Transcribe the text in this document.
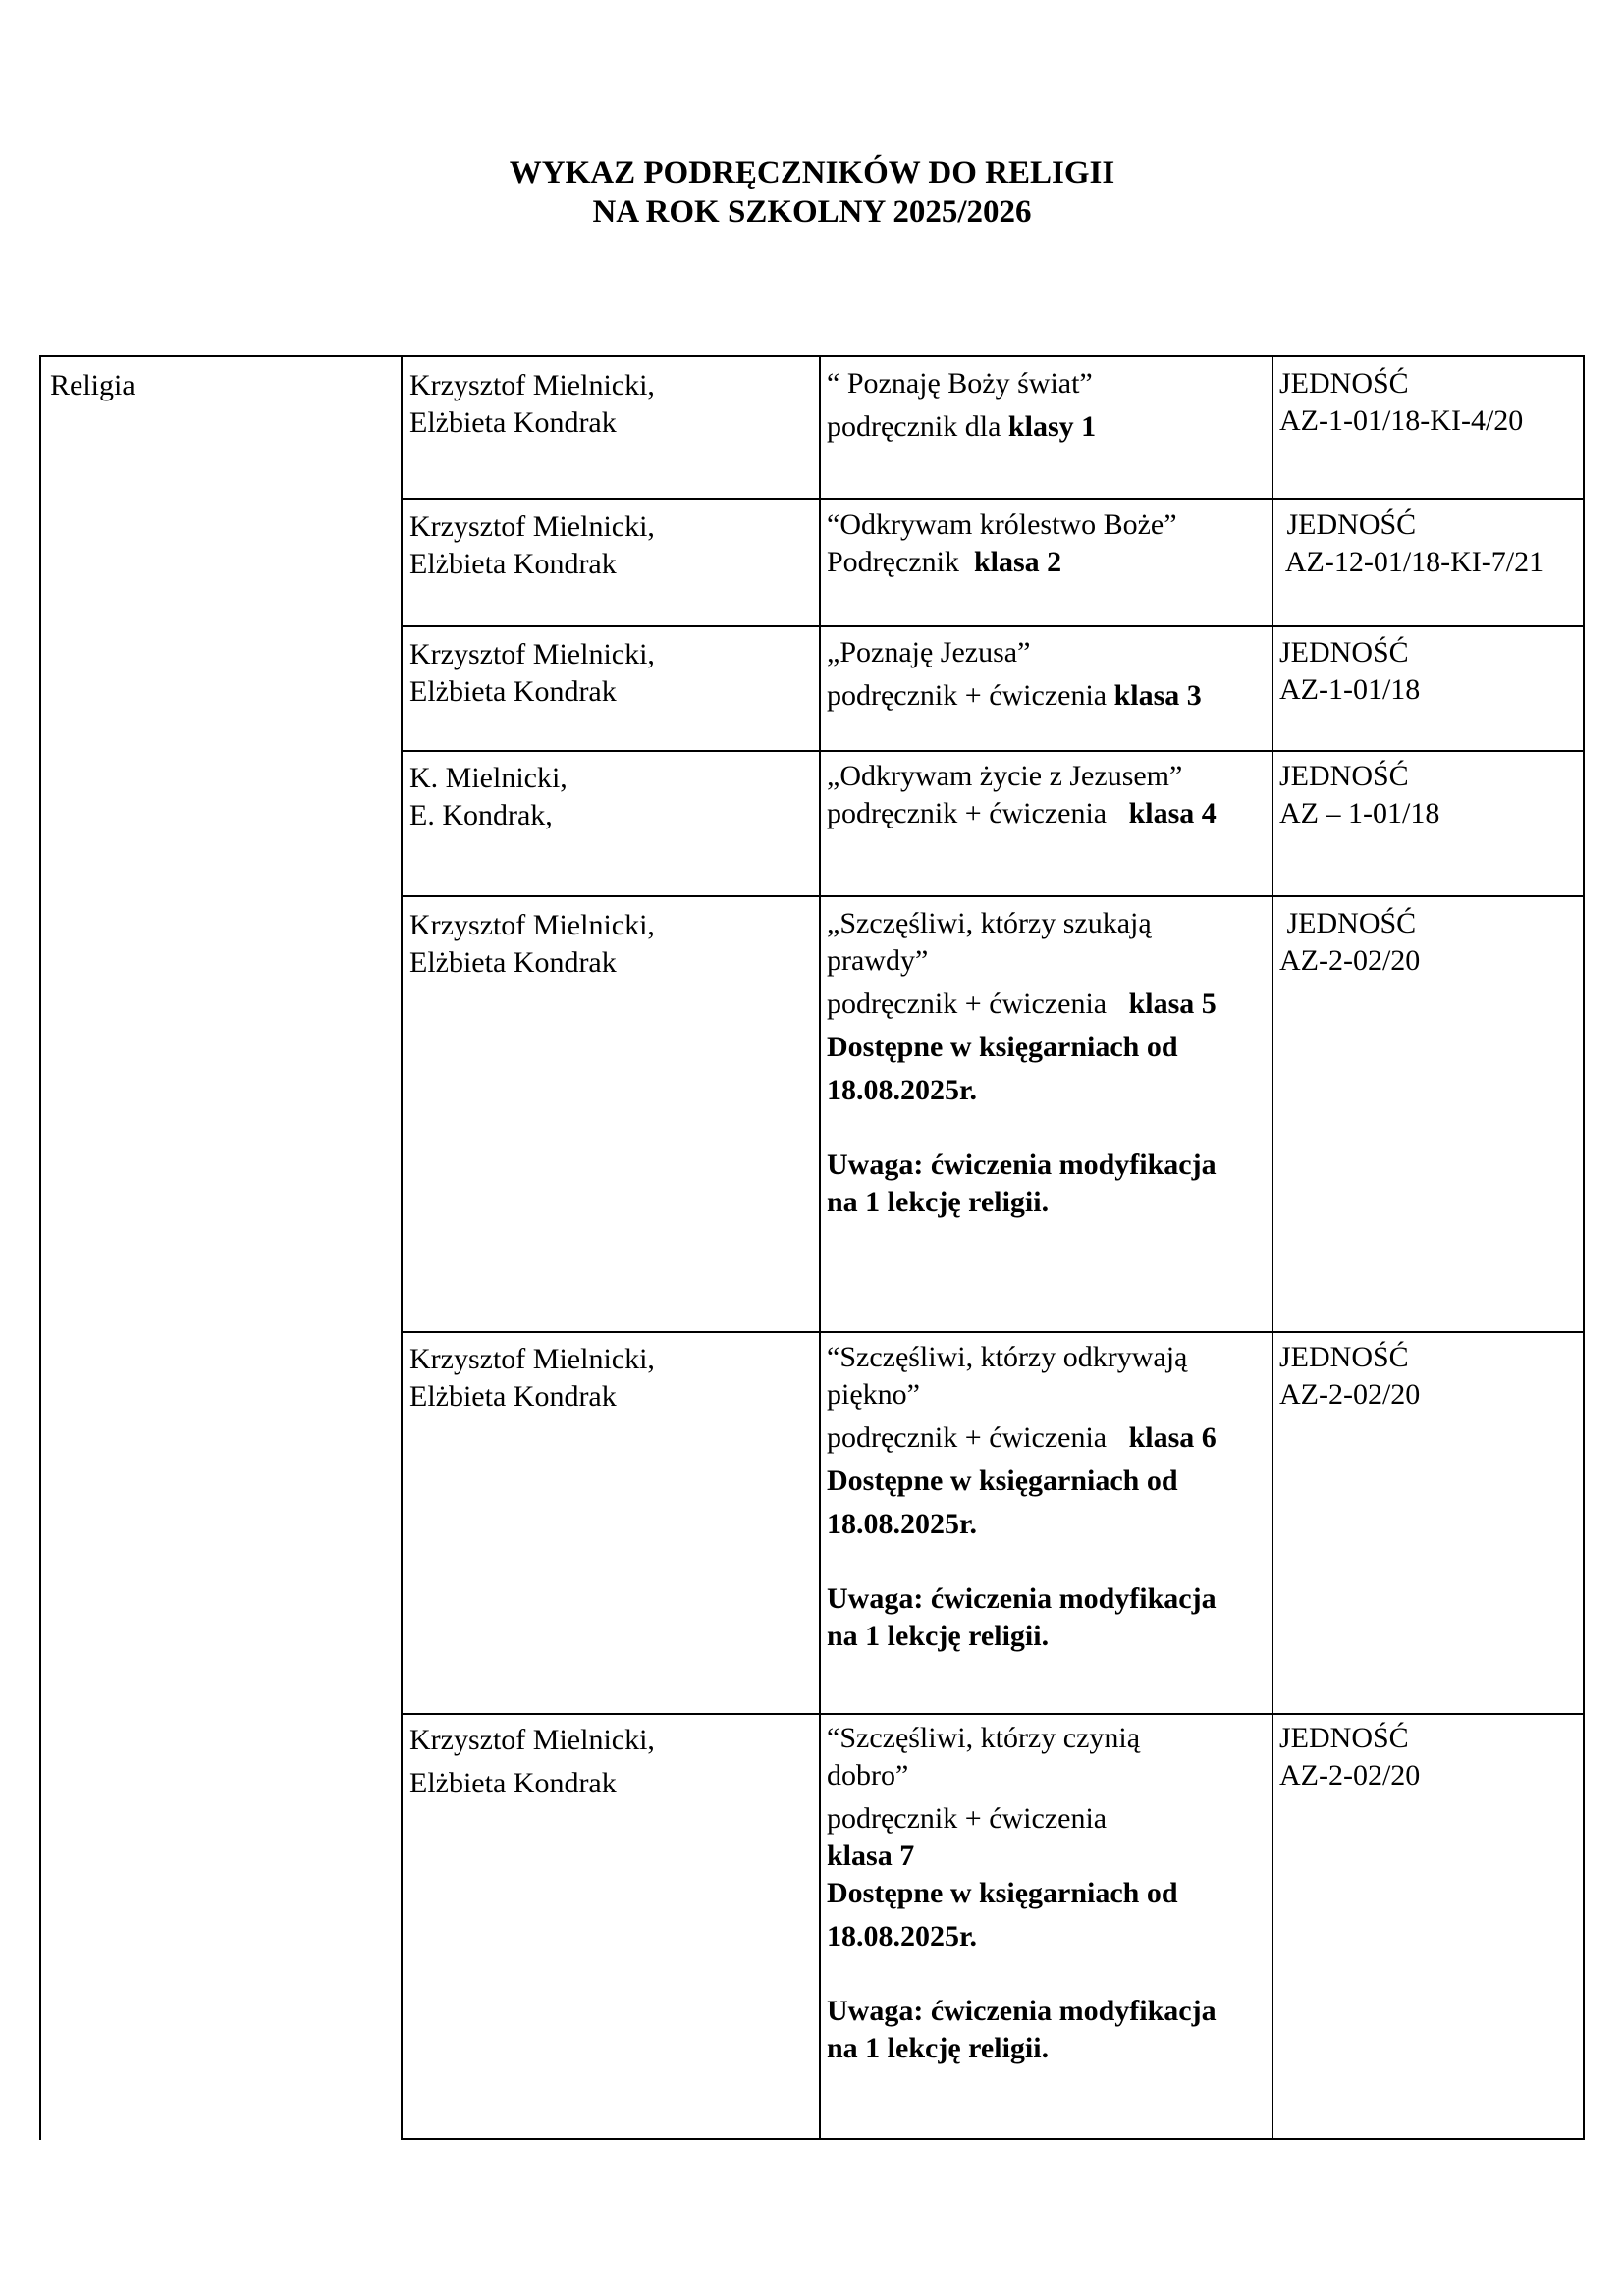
WYKAZ PODRĘCZNIKÓW DO RELIGII
NA ROK SZKOLNY 2025/2026
Religia	Krzysztof Mielnicki,
Elżbieta Kondrak
“ Poznaję Boży świat”

podręcznik dla klasy 1
JEDNOŚĆ
AZ-1-01/18-KI-4/20
Krzysztof Mielnicki,
Elżbieta Kondrak
“Odkrywam królestwo Boże”
Podręcznik  klasa 2
JEDNOŚĆ
AZ-12-01/18-KI-7/21
Krzysztof Mielnicki,
Elżbieta Kondrak
„Poznaję Jezusa”

podręcznik + ćwiczenia klasa 3
JEDNOŚĆ
AZ-1-01/18
K. Mielnicki,
E. Kondrak,
„Odkrywam życie z Jezusem”
podręcznik + ćwiczenia   klasa 4
JEDNOŚĆ
AZ – 1-01/18
Krzysztof Mielnicki,
Elżbieta Kondrak
„Szczęśliwi, którzy szukają
prawdy”

podręcznik + ćwiczenia   klasa 5

Dostępne w księgarniach od

18.08.2025r.

Uwaga: ćwiczenia modyfikacja
na 1 lekcję religii.
JEDNOŚĆ
AZ-2-02/20
Krzysztof Mielnicki,
Elżbieta Kondrak
“Szczęśliwi, którzy odkrywają
piękno”

podręcznik + ćwiczenia   klasa 6

Dostępne w księgarniach od

18.08.2025r.

Uwaga: ćwiczenia modyfikacja
na 1 lekcję religii.
JEDNOŚĆ
AZ-2-02/20
Krzysztof Mielnicki,

Elżbieta Kondrak
“Szczęśliwi, którzy czynią
dobro”

podręcznik + ćwiczenia
klasa 7
Dostępne w księgarniach od

18.08.2025r.

Uwaga: ćwiczenia modyfikacja
na 1 lekcję religii.
JEDNOŚĆ
AZ-2-02/20
